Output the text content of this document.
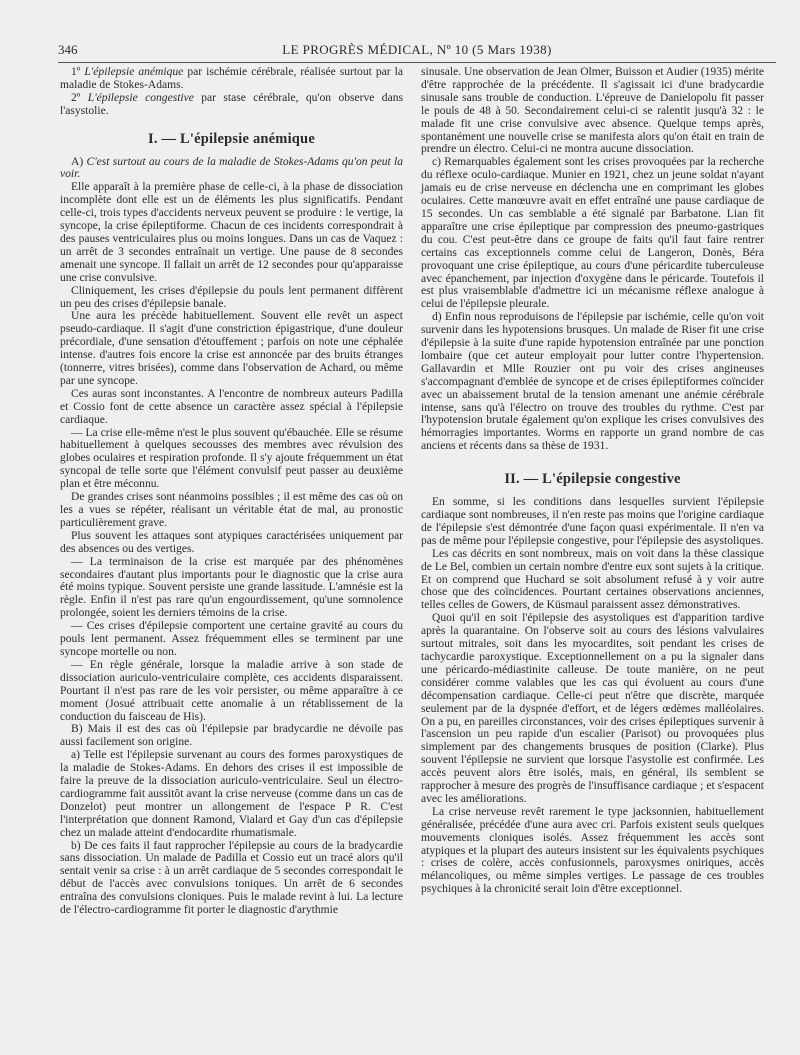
346	LE PROGRÈS MÉDICAL, Nº 10 (5 Mars 1938)

1º L'épilepsie anémique par ischémie cérébrale, réalisée surtout par la maladie de Stokes-Adams.

2º L'épilepsie congestive par stase cérébrale, qu'on observe dans l'asystolie.

I. — L'épilepsie anémique

A) C'est surtout au cours de la maladie de Stokes-Adams qu'on peut la voir.

Elle apparaît à la première phase de celle-ci, à la phase de dissociation incomplète dont elle est un de éléments les plus significatifs. Pendant celle-ci, trois types d'accidents nerveux peuvent se produire : le vertige, la syncope, la crise épileptiforme. Chacun de ces incidents correspondrait à des pauses ventriculaires plus ou moins longues. Dans un cas de Vaquez : un arrêt de 3 secondes entraînait un vertige. Une pause de 8 secondes amenait une syncope. Il fallait un arrêt de 12 secondes pour qu'apparaisse une crise convulsive.

Cliniquement, les crises d'épilepsie du pouls lent permanent diffèrent un peu des crises d'épilepsie banale.

Une aura les précède habituellement. Souvent elle revêt un aspect pseudo-cardiaque. Il s'agit d'une constriction épigastrique, d'une douleur précordiale, d'une sensation d'étouffement ; parfois on note une céphalée intense. d'autres fois encore la crise est annoncée par des bruits étranges (tonnerre, vitres brisées), comme dans l'observation de Achard, ou même par une syncope.

Ces auras sont inconstantes. A l'encontre de nombreux auteurs Padilla et Cossio font de cette absence un caractère assez spécial à l'épilepsie cardiaque.

— La crise elle-même n'est le plus souvent qu'ébauchée. Elle se résume habituellement à quelques secousses des membres avec révulsion des globes oculaires et respiration profonde. Il s'y ajoute fréquemment un état syncopal de telle sorte que l'élément convulsif peut passer au deuxième plan et être méconnu.

De grandes crises sont néanmoins possibles ; il est même des cas où on les a vues se répéter, réalisant un véritable état de mal, au pronostic particulièrement grave.

Plus souvent les attaques sont atypiques caractérisées uniquement par des absences ou des vertiges.

— La terminaison de la crise est marquée par des phénomènes secondaires d'autant plus importants pour le diagnostic que la crise aura été moins typique. Souvent persiste une grande lassitude. L'amnésie est la règle. Enfin il n'est pas rare qu'un engourdissement, qu'une somnolence prolongée, soient les derniers témoins de la crise.

— Ces crises d'épilepsie comportent une certaine gravité au cours du pouls lent permanent. Assez fréquemment elles se terminent par une syncope mortelle ou non.

— En règle générale, lorsque la maladie arrive à son stade de dissociation auriculo-ventriculaire complète, ces accidents disparaissent. Pourtant il n'est pas rare de les voir persister, ou même apparaître à ce moment (Josué attribuait cette anomalie à un rétablissement de la conduction du faisceau de His).

B) Mais il est des cas où l'épilepsie par bradycardie ne dévoile pas aussi facilement son origine.

a) Telle est l'épilepsie survenant au cours des formes paroxystiques de la maladie de Stokes-Adams. En dehors des crises il est impossible de faire la preuve de la dissociation auriculo-ventriculaire. Seul un électro-cardiogramme fait aussitôt avant la crise nerveuse (comme dans un cas de Donzelot) peut montrer un allongement de l'espace P R. C'est l'interprétation que donnent Ramond, Vialard et Gay d'un cas d'épilepsie chez un malade atteint d'endocardite rhumatismale.

b) De ces faits il faut rapprocher l'épilepsie au cours de la bradycardie sans dissociation. Un malade de Padilla et Cossio eut un tracé alors qu'il sentait venir sa crise : à un arrêt cardiaque de 5 secondes correspondait le début de l'accès avec convulsions toniques. Un arrêt de 6 secondes entraîna des convulsions cloniques. Puis le malade revint à lui. La lecture de l'électro-cardiogramme fit porter le diagnostic d'arythmie

sinusale. Une observation de Jean Olmer, Buisson et Audier (1935) mérite d'être rapprochée de la précédente. Il s'agissait ici d'une bradycardie sinusale sans trouble de conduction. L'épreuve de Danielopolu fit passer le pouls de 48 à 50. Secondairement celui-ci se ralentit jusqu'à 32 : le malade fit une crise convulsive avec absence. Quelque temps après, spontanément une nouvelle crise se manifesta alors qu'on était en train de prendre un électro. Celui-ci ne montra aucune dissociation.

c) Remarquables également sont les crises provoquées par la recherche du réflexe oculo-cardiaque. Munier en 1921, chez un jeune soldat n'ayant jamais eu de crise nerveuse en déclencha une en comprimant les globes oculaires. Cette manœuvre avait en effet entraîné une pause cardiaque de 15 secondes. Un cas semblable a été signalé par Barbatone. Lian fit apparaître une crise épileptique par compression des pneumo-gastriques du cou. C'est peut-être dans ce groupe de faits qu'il faut faire rentrer certains cas exceptionnels comme celui de Langeron, Donès, Béra provoquant une crise épileptique, au cours d'une péricardite tuberculeuse avec épanchement, par injection d'oxygène dans le péricarde. Toutefois il est plus vraisemblable d'admettre ici un mécanisme réflexe analogue à celui de l'épilepsie pleurale.

d) Enfin nous reproduisons de l'épilepsie par ischémie, celle qu'on voit survenir dans les hypotensions brusques. Un malade de Riser fit une crise d'épilepsie à la suite d'une rapide hypotension entraînée par une ponction lombaire (que cet auteur employait pour lutter contre l'hypertension. Gallavardin et Mlle Rouzier ont pu voir des crises angineuses s'accompagnant d'emblée de syncope et de crises épileptiformes coïncider avec un abaissement brutal de la tension amenant une anémie cérébrale intense, sans qu'à l'électro on trouve des troubles du rythme. C'est par l'hypotension brutale également qu'on explique les crises convulsives des hémorragies importantes. Worms en rapporte un grand nombre de cas anciens et récents dans sa thèse de 1931.

II. — L'épilepsie congestive

En somme, si les conditions dans lesquelles survient l'épilepsie cardiaque sont nombreuses, il n'en reste pas moins que l'origine cardiaque de l'épilepsie s'est démontrée d'une façon quasi expérimentale. Il n'en va pas de même pour l'épilepsie congestive, pour l'épilepsie des asystoliques.

Les cas décrits en sont nombreux, mais on voit dans la thèse classique de Le Bel, combien un certain nombre d'entre eux sont sujets à la critique. Et on comprend que Huchard se soit absolument refusé à y voir autre chose que des coïncidences. Pourtant certaines observations anciennes, telles celles de Gowers, de Küsmaul paraissent assez démonstratives.

Quoi qu'il en soit l'épilepsie des asystoliques est d'apparition tardive après la quarantaine. On l'observe soit au cours des lésions valvulaires surtout mitrales, soit dans les myocardites, soit pendant les crises de tachycardie paroxystique. Exceptionnellement on a pu la signaler dans une péricardo-médiastinite calleuse. De toute manière, on ne peut considérer comme valables que les cas qui évoluent au cours d'une décompensation cardiaque. Celle-ci peut n'être que discrète, marquée seulement par de la dyspnée d'effort, et de légers œdèmes malléolaires. On a pu, en pareilles circonstances, voir des crises épileptiques survenir à l'ascension un peu rapide d'un escalier (Parisot) ou provoquées plus simplement par des changements brusques de position (Clarke). Plus souvent l'épilepsie ne survient que lorsque l'asystolie est confirmée. Les accès peuvent alors être isolés, mais, en général, ils semblent se rapprocher à mesure des progrès de l'insuffisance cardiaque ; et s'espacent avec les améliorations.

La crise nerveuse revêt rarement le type jacksonnien, habituellement généralisée, précédée d'une aura avec cri. Parfois existent seuls quelques mouvements cloniques isolés. Assez fréquemment les accès sont atypiques et la plupart des auteurs insistent sur les équivalents psychiques : crises de colère, accès confusionnels, paroxysmes oniriques, accès mélancoliques, ou même simples vertiges. Le passage de ces troubles psychiques à la chronicité serait loin d'être exceptionnel.
